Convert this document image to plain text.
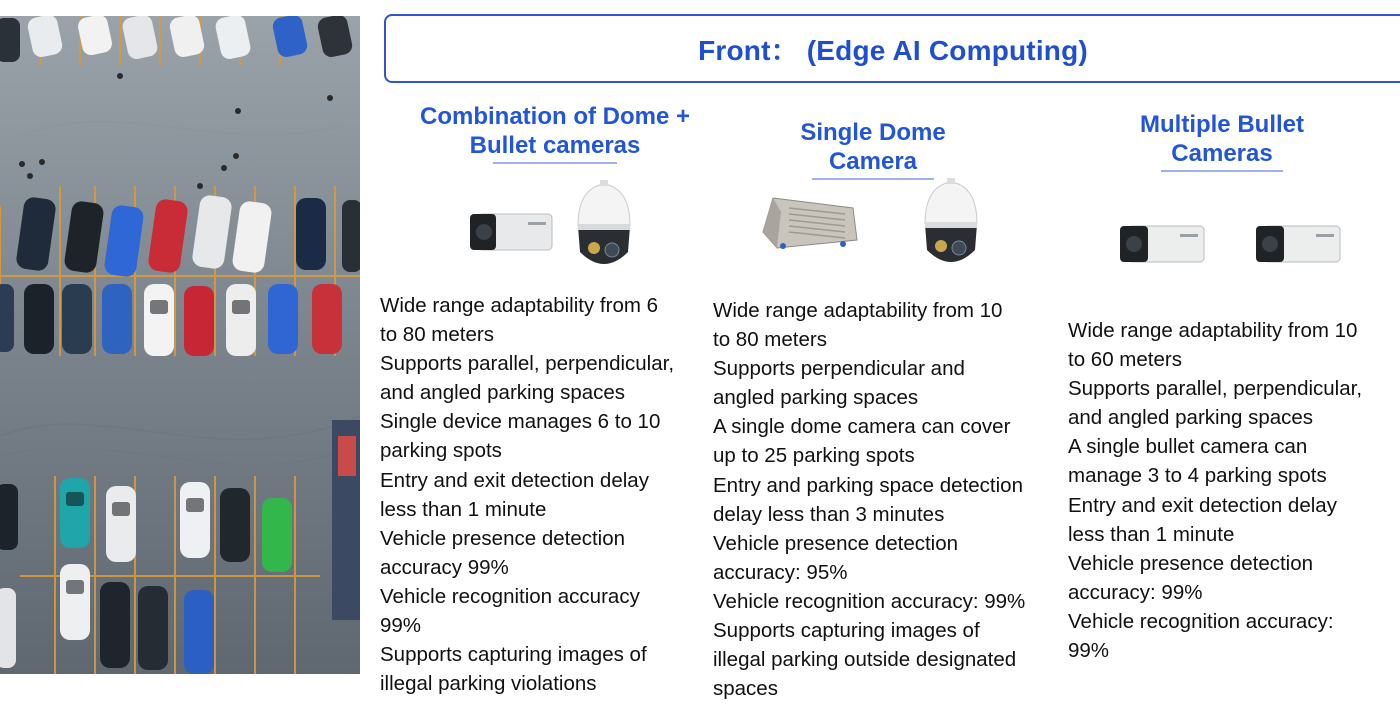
Front： (Edge AI Computing)
Combination of Dome +
Bullet cameras
Wide range adaptability from 6
to 80 meters
Supports parallel, perpendicular,
and angled parking spaces
Single device manages 6 to 10
parking spots
Entry and exit detection delay
less than 1 minute
Vehicle presence detection
accuracy 99%
Vehicle recognition accuracy
99%
Supports capturing images of
illegal parking violations
Single Dome
Camera
Wide range adaptability from 10
to 80 meters
Supports perpendicular and
angled parking spaces
A single dome camera can cover
up to 25 parking spots
Entry and parking space detection
delay less than 3 minutes
Vehicle presence detection
accuracy: 95%
Vehicle recognition accuracy: 99%
Supports capturing images of
illegal parking outside designated
spaces
Multiple Bullet
Cameras
Wide range adaptability from 10
to 60 meters
Supports parallel, perpendicular,
and angled parking spaces
A single bullet camera can
manage 3 to 4 parking spots
Entry and exit detection delay
less than 1 minute
Vehicle presence detection
accuracy: 99%
Vehicle recognition accuracy:
99%
